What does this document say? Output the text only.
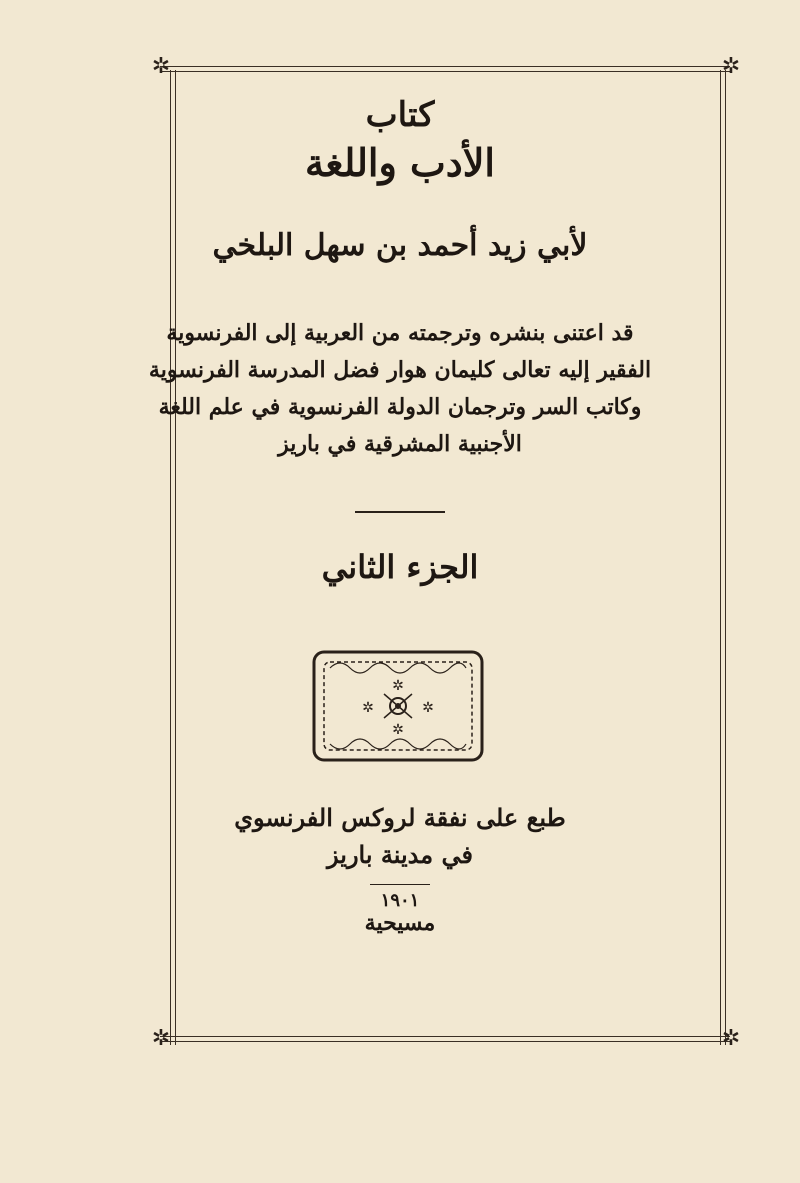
✲	✲
✲	✲
كتاب
الأدب واللغة
لأبي زيد أحمد بن سهل البلخي
قد اعتنى بنشره وترجمته من العربية إلى الفرنسوية
الفقير إليه تعالى كليمان هوار فضل المدرسة الفرنسوية
وكاتب السر وترجمان الدولة الفرنسوية في علم اللغة
الأجنبية المشرقية في باريز
الجزء الثاني
✲
✲
✲	✲
طبع على نفقة لروكس الفرنسوي
في مدينة باريز
١٩٠١
مسيحية
